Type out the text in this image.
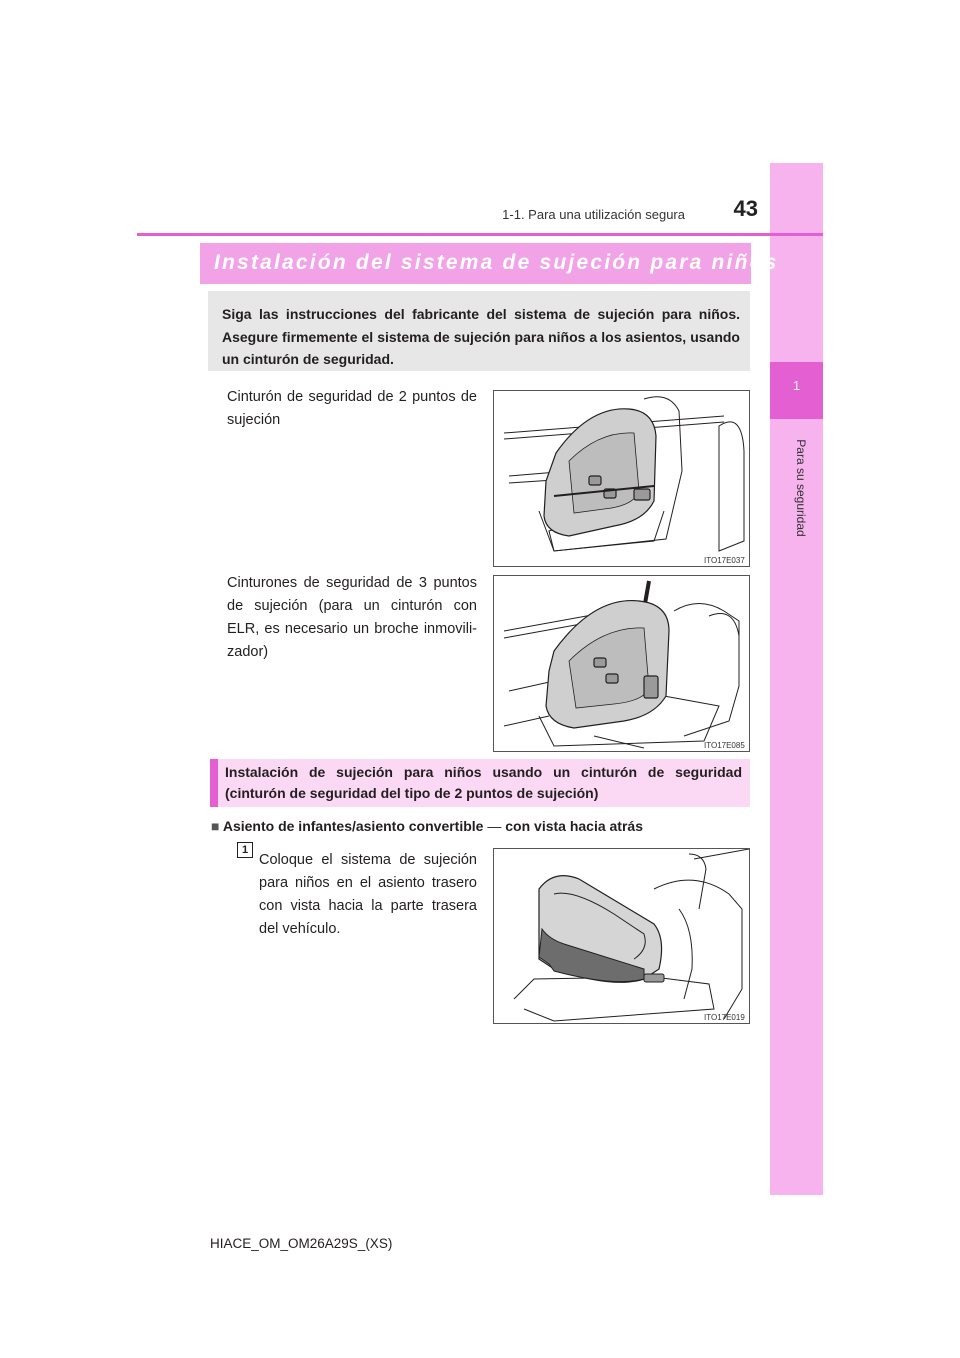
1
Para su seguridad
1-1. Para una utilización segura	43
Instalación del sistema de sujeción para niños

Siga las instrucciones del fabricante del sistema de sujeción para niños. Asegure firmemente el sistema de sujeción para niños a los asientos, usando un cinturón de seguridad.

Cinturón de seguridad de 2 puntos de sujeción
ITO17E037
Cinturones de seguridad de 3 puntos de sujeción (para un cinturón con ELR, es necesario un broche inmovili-zador)
ITO17E085

Instalación de sujeción para niños usando un cinturón de seguridad (cinturón de seguridad del tipo de 2 puntos de sujeción)

■ Asiento de infantes/asiento convertible — con vista hacia atrás
1
Coloque el sistema de sujeción para niños en el asiento trasero con vista hacia la parte trasera del vehículo.
ITO17E019
HIACE_OM_OM26A29S_(XS)
